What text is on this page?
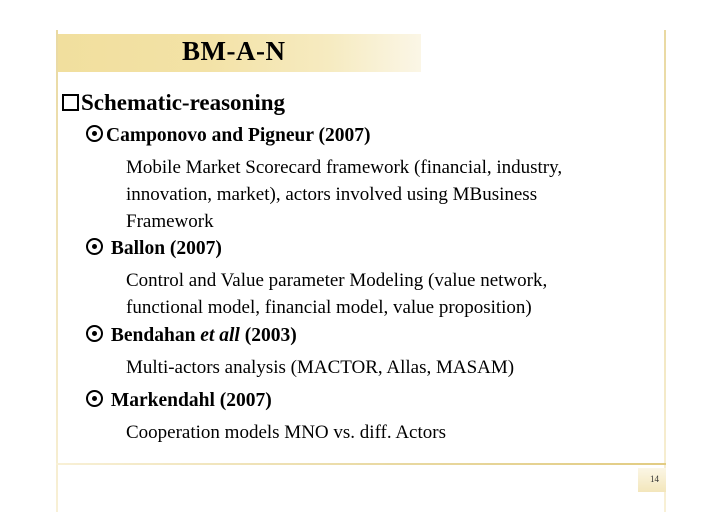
BM-A-N
Schematic-reasoning
Camponovo and Pigneur (2007)
Mobile Market Scorecard framework (financial, industry,
innovation, market), actors involved using MBusiness
Framework
Ballon (2007)
Control and Value parameter Modeling (value network,
functional model, financial model, value proposition)
Bendahan et all (2003)
Multi-actors analysis (MACTOR, Allas, MASAM)
Markendahl (2007)
Cooperation models MNO vs. diff. Actors
14
